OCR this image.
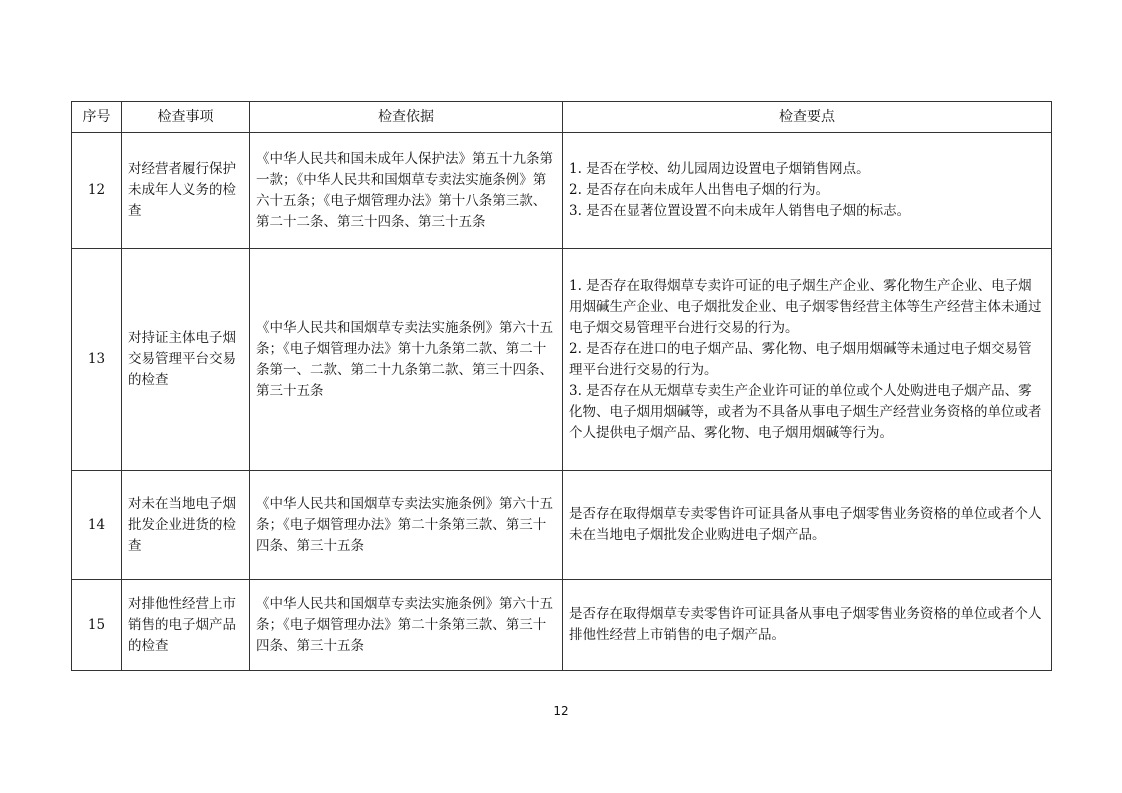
序号	检查事项	检查依据	检查要点
12	对经营者履行保护未成年人义务的检查	《中华人民共和国未成年人保护法》第五十九条第一款；《中华人民共和国烟草专卖法实施条例》第六十五条；《电子烟管理办法》第十八条第三款、第二十二条、第三十四条、第三十五条	1. 是否在学校、幼儿园周边设置电子烟销售网点。
2. 是否存在向未成年人出售电子烟的行为。
3. 是否在显著位置设置不向未成年人销售电子烟的标志。

13	对持证主体电子烟交易管理平台交易的检查	《中华人民共和国烟草专卖法实施条例》第六十五条；《电子烟管理办法》第十九条第二款、第二十条第一、二款、第二十九条第二款、第三十四条、第三十五条	1. 是否存在取得烟草专卖许可证的电子烟生产企业、雾化物生产企业、电子烟用烟碱生产企业、电子烟批发企业、电子烟零售经营主体等生产经营主体未通过电子烟交易管理平台进行交易的行为。
2. 是否存在进口的电子烟产品、雾化物、电子烟用烟碱等未通过电子烟交易管理平台进行交易的行为。
3. 是否存在从无烟草专卖生产企业许可证的单位或个人处购进电子烟产品、雾化物、电子烟用烟碱等，或者为不具备从事电子烟生产经营业务资格的单位或者个人提供电子烟产品、雾化物、电子烟用烟碱等行为。

14	对未在当地电子烟批发企业进货的检查	《中华人民共和国烟草专卖法实施条例》第六十五条；《电子烟管理办法》第二十条第三款、第三十四条、第三十五条	是否存在取得烟草专卖零售许可证具备从事电子烟零售业务资格的单位或者个人未在当地电子烟批发企业购进电子烟产品。

15	对排他性经营上市销售的电子烟产品的检查	《中华人民共和国烟草专卖法实施条例》第六十五条；《电子烟管理办法》第二十条第三款、第三十四条、第三十五条	是否存在取得烟草专卖零售许可证具备从事电子烟零售业务资格的单位或者个人排他性经营上市销售的电子烟产品。
12
